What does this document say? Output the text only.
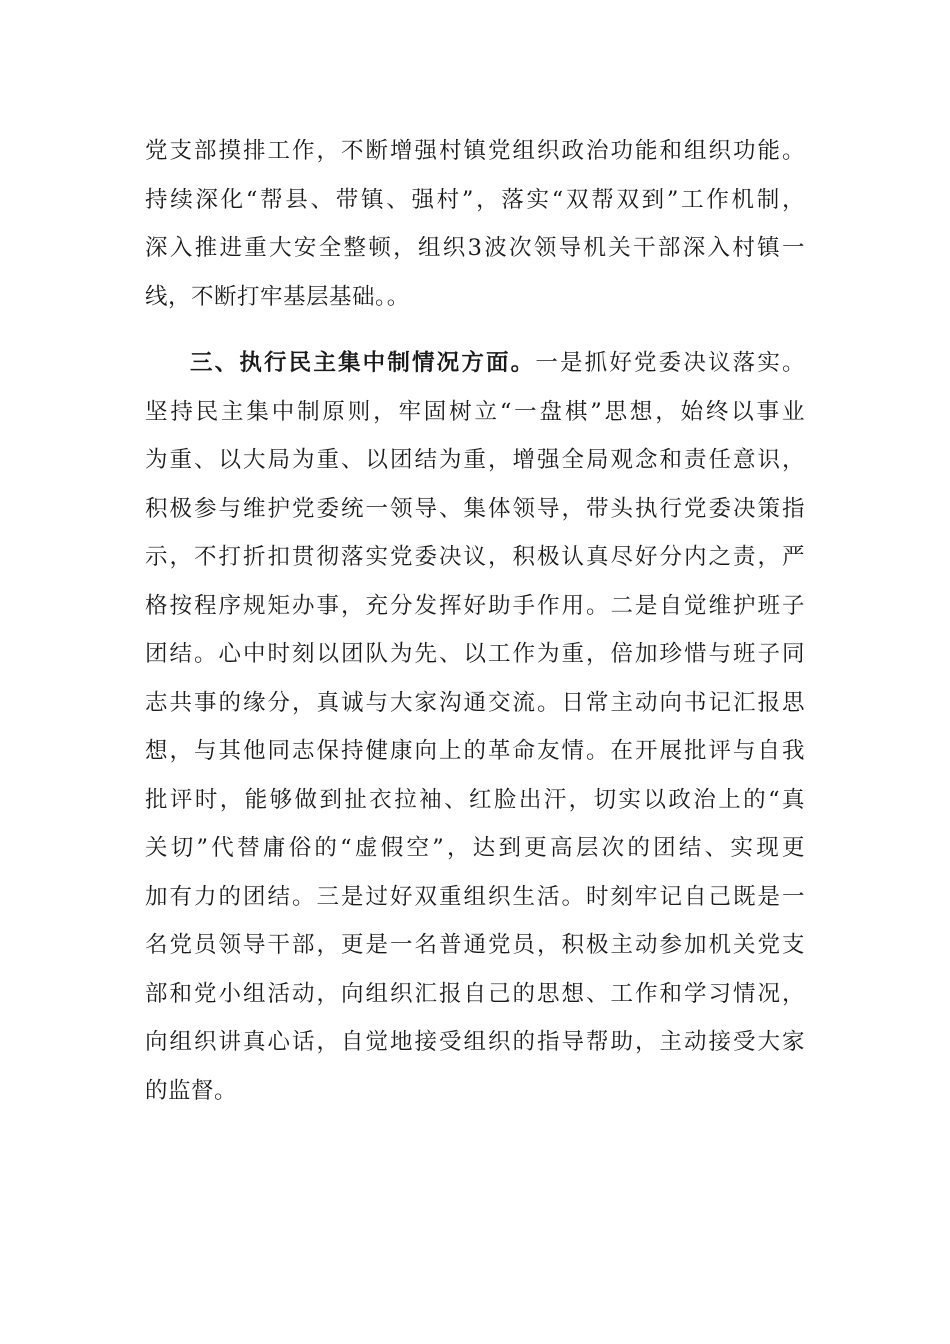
党支部摸排工作，不断增强村镇党组织政治功能和组织功能。
持续深化“帮县、带镇、强村”，落实“双帮双到”工作机制，
深入推进重大安全整顿，组织3波次领导机关干部深入村镇一
线，不断打牢基层基础。。
三、执行民主集中制情况方面。一是抓好党委决议落实。
坚持民主集中制原则，牢固树立“一盘棋”思想，始终以事业
为重、以大局为重、以团结为重，增强全局观念和责任意识，
积极参与维护党委统一领导、集体领导，带头执行党委决策指
示，不打折扣贯彻落实党委决议，积极认真尽好分内之责，严
格按程序规矩办事，充分发挥好助手作用。二是自觉维护班子
团结。心中时刻以团队为先、以工作为重，倍加珍惜与班子同
志共事的缘分，真诚与大家沟通交流。日常主动向书记汇报思
想，与其他同志保持健康向上的革命友情。在开展批评与自我
批评时，能够做到扯衣拉袖、红脸出汗，切实以政治上的“真
关切”代替庸俗的“虚假空”，达到更高层次的团结、实现更
加有力的团结。三是过好双重组织生活。时刻牢记自己既是一
名党员领导干部，更是一名普通党员，积极主动参加机关党支
部和党小组活动，向组织汇报自己的思想、工作和学习情况，
向组织讲真心话，自觉地接受组织的指导帮助，主动接受大家
的监督。
